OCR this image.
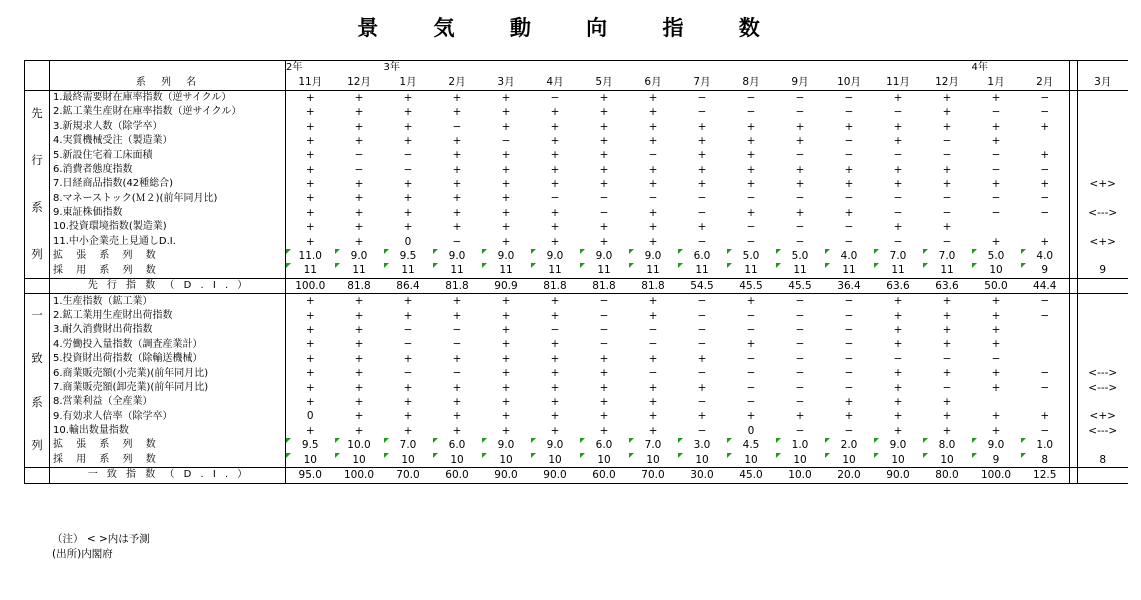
景 気 動 向 指 数
		2年		3年												4年			
	系 列 名	11月	12月	1月	2月	3月	4月	5月	6月	7月	8月	9月	10月	11月	12月	1月	2月		3月

先
行
系
列	1.最終需要財在庫率指数（逆サイクル）	+	+	+	+	+	−	+	+	−	−	−	−	+	+	+	−		
	2.鉱工業生産財在庫率指数（逆サイクル）	+	+	+	+	+	+	+	+	−	−	−	−	−	+	−	−		
	3.新規求人数（除学卒）	+	+	+	−	+	+	+	+	+	+	+	+	+	+	+	+		
	4.実質機械受注（製造業）	+	+	+	+	−	+	+	+	+	+	+	−	+	−	+			
	5.新設住宅着工床面積	+	−	−	+	+	+	+	−	+	+	−	−	−	−	−	+		
	6.消費者態度指数	+	−	−	+	+	+	+	+	+	+	+	+	+	+	−	−		
	7.日経商品指数(42種総合)	+	+	+	+	+	+	+	+	+	+	+	+	+	+	+	+		<+>
	8.マネーストック(Ｍ２)(前年同月比)	+	+	+	+	+	−	−	−	−	−	−	−	−	−	−	−		
	9.東証株価指数	+	+	+	+	+	+	−	+	−	+	+	+	−	−	−	−		<--->
	10.投資環境指数(製造業)	+	+	+	+	+	+	+	+	+	−	−	−	+	+				
	11.中小企業売上見通しD.I.	+	+	0	−	+	+	+	+	−	−	−	−	−	−	+	+		<+>
	拡 張 系 列 数	11.0	9.0	9.5	9.0	9.0	9.0	9.0	9.0	6.0	5.0	5.0	4.0	7.0	7.0	5.0	4.0		
	採 用 系 列 数	11	11	11	11	11	11	11	11	11	11	11	11	11	11	10	9		9
	先 行 指 数 （ D . I . ）	100.0	81.8	86.4	81.8	90.9	81.8	81.8	81.8	54.5	45.5	45.5	36.4	63.6	63.6	50.0	44.4		

一
致
系
列	1.生産指数（鉱工業）	+	+	+	+	+	+	−	+	−	+	−	−	+	+	+	−		
	2.鉱工業用生産財出荷指数	+	+	+	+	+	+	−	+	−	−	−	−	+	+	+	−		
	3.耐久消費財出荷指数	+	+	−	−	+	−	−	−	−	−	−	−	+	+	+			
	4.労働投入量指数（調査産業計）	+	+	−	−	+	+	−	−	−	+	−	−	+	+	+			
	5.投資財出荷指数（除輸送機械）	+	+	+	+	+	+	+	+	+	−	−	−	−	−	−			
	6.商業販売額(小売業)(前年同月比)	+	+	−	−	+	+	+	−	−	−	−	−	+	+	+	−		<--->
	7.商業販売額(卸売業)(前年同月比)	+	+	+	+	+	+	+	+	+	−	−	−	+	−	+	−		<--->
	8.営業利益（全産業）	+	+	+	+	+	+	+	+	−	−	−	+	+	+				
	9.有効求人倍率（除学卒）	0	+	+	+	+	+	+	+	+	+	+	+	+	+	+	+		<+>
	10.輸出数量指数	+	+	+	+	+	+	+	+	−	0	−	−	+	+	+	−		<--->
	拡 張 系 列 数	9.5	10.0	7.0	6.0	9.0	9.0	6.0	7.0	3.0	4.5	1.0	2.0	9.0	8.0	9.0	1.0		
	採 用 系 列 数	10	10	10	10	10	10	10	10	10	10	10	10	10	10	9	8		8
	一 致 指 数 （ D . I . ）	95.0	100.0	70.0	60.0	90.0	90.0	60.0	70.0	30.0	45.0	10.0	20.0	90.0	80.0	100.0	12.5		
（注） < >内は予測
(出所)内閣府
